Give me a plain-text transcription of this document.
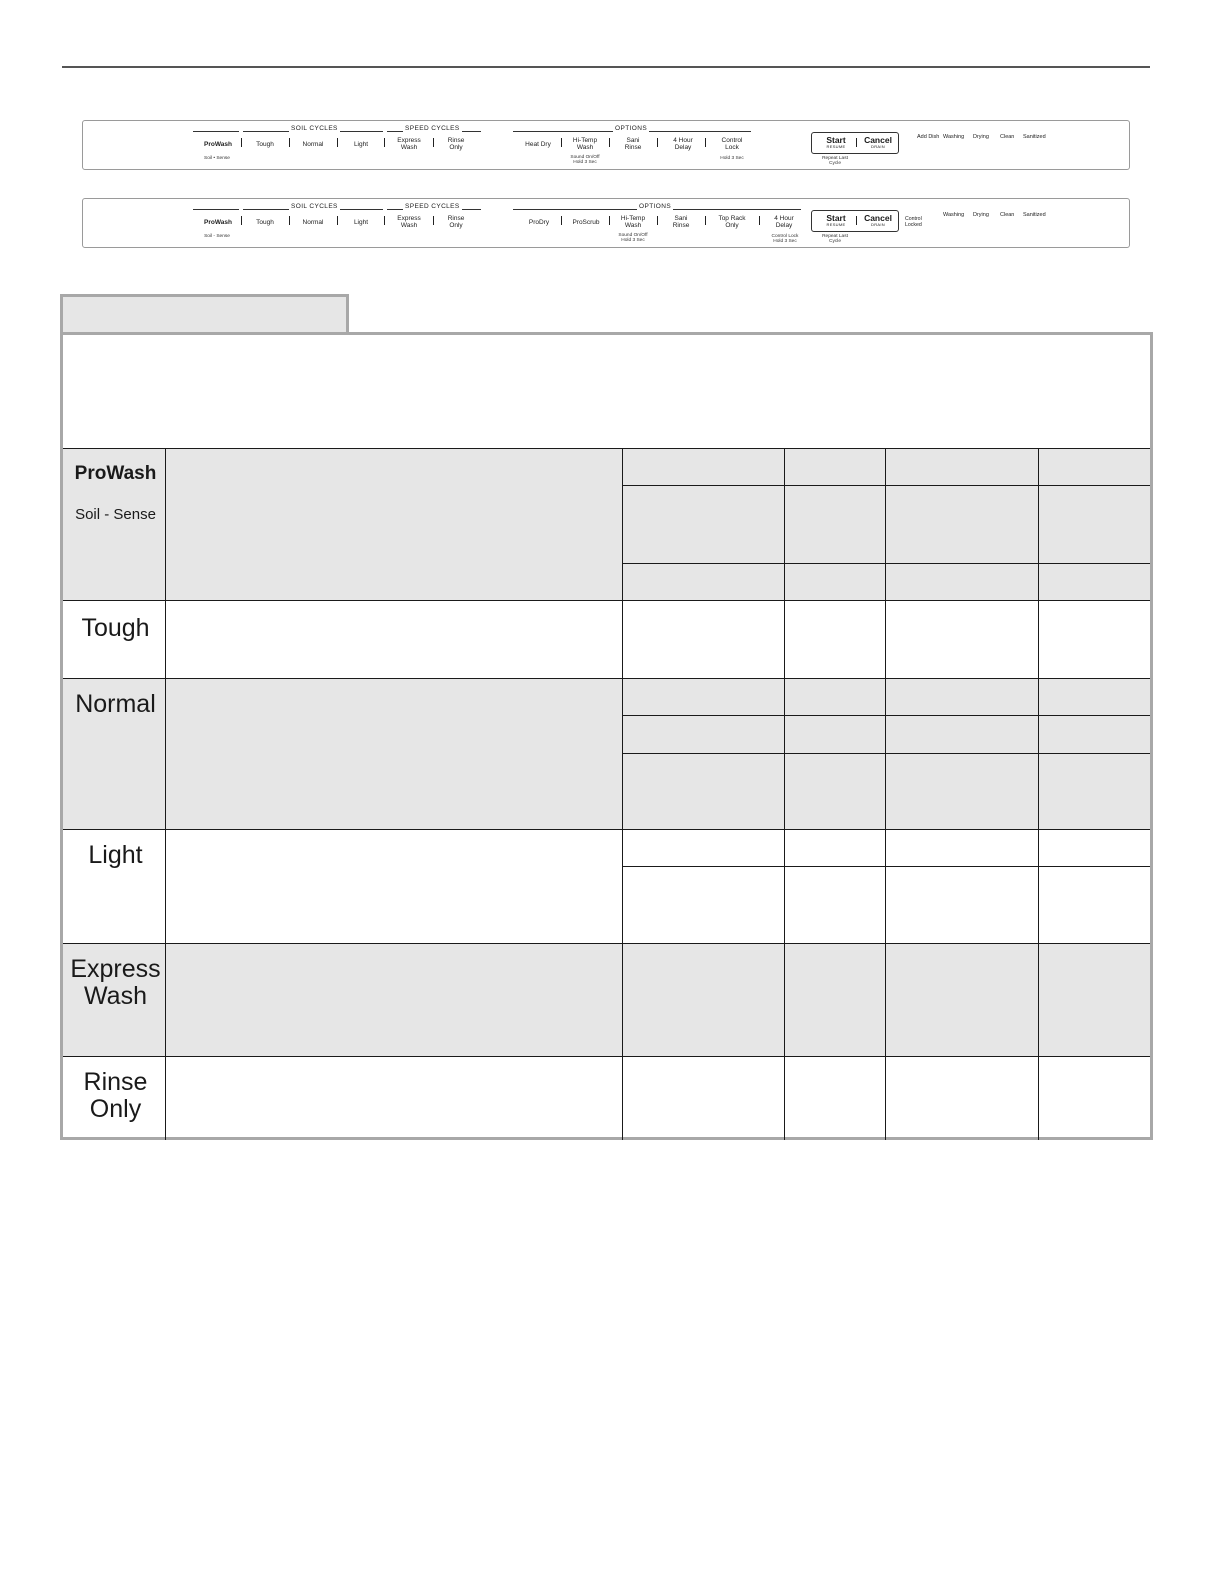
SOIL CYCLES	SPEED CYCLES	OPTIONS
ProWash
Soil • Sense
Tough	Normal	Light
Express
Wash
Rinse
Only	Heat Dry
Hi-Temp
Wash
Sound On/Off
Hold 3 Sec
Sani
Rinse
4 Hour
Delay
Control
Lock
Hold 3 Sec
Start
RESUME
Cancel
DRAIN
Repeat Last
Cycle
Add Dish Washing Drying Clean Sanitized
SOIL CYCLES	SPEED CYCLES	OPTIONS
ProWash
Soil - Sense
Tough	Normal	Light
Express
Wash
Rinse
Only	ProDry	ProScrub
Hi-Temp
Wash
Sound On/Off
Hold 3 Sec
Sani
Rinse
Top Rack
Only
4 Hour
Delay
Control Lock
Hold 3 Sec
Start
RESUME
Cancel
DRAIN
Repeat Last
Cycle
Control
Locked
Washing Drying Clean Sanitized
ProWash
Soil - Sense
Tough
Normal
Light
Express
Wash
Rinse
Only
